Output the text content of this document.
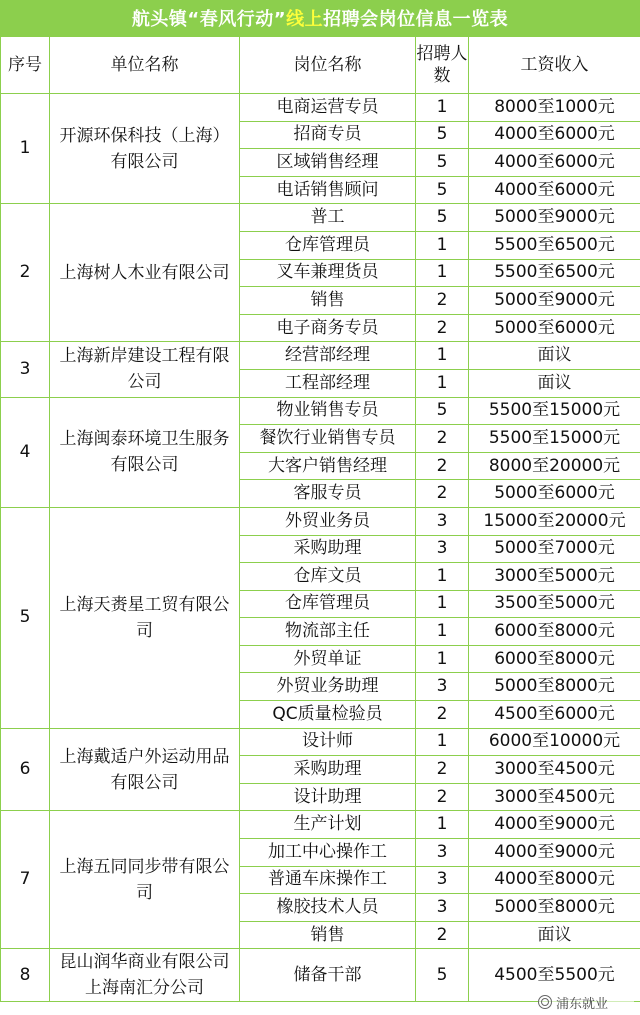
航头镇“春风行动” 线上 招聘会岗位信息一览表
序号	单位名称	岗位名称	招聘人数	工资收入
1	开源环保科技（上海）有限公司	电商运营专员	1	8000至1000元
		招商专员	5	4000至6000元
		区域销售经理	5	4000至6000元
		电话销售顾问	5	4000至6000元
2	上海树人木业有限公司	普工	5	5000至9000元
		仓库管理员	1	5500至6500元
		叉车兼理货员	1	5500至6500元
		销售	2	5000至9000元
		电子商务专员	2	5000至6000元
3	上海新岸建设工程有限公司	经营部经理	1	面议
		工程部经理	1	面议
4	上海闽泰环境卫生服务有限公司	物业销售专员	5	5500至15000元
		餐饮行业销售专员	2	5500至15000元
		大客户销售经理	2	8000至20000元
		客服专员	2	5000至6000元
5	上海天赉星工贸有限公司	外贸业务员	3	15000至20000元
		采购助理	3	5000至7000元
		仓库文员	1	3000至5000元
		仓库管理员	1	3500至5000元
		物流部主任	1	6000至8000元
		外贸单证	1	6000至8000元
		外贸业务助理	3	5000至8000元
		QC质量检验员	2	4500至6000元
6	上海戴适户外运动用品有限公司	设计师	1	6000至10000元
		采购助理	2	3000至4500元
		设计助理	2	3000至4500元
7	上海五同同步带有限公司	生产计划	1	4000至9000元
		加工中心操作工	3	4000至9000元
		普通车床操作工	3	4000至8000元
		橡胶技术人员	3	5000至8000元
		销售	2	面议
8	昆山润华商业有限公司上海南汇分公司	储备干部	5	4500至5500元
浦东就业
